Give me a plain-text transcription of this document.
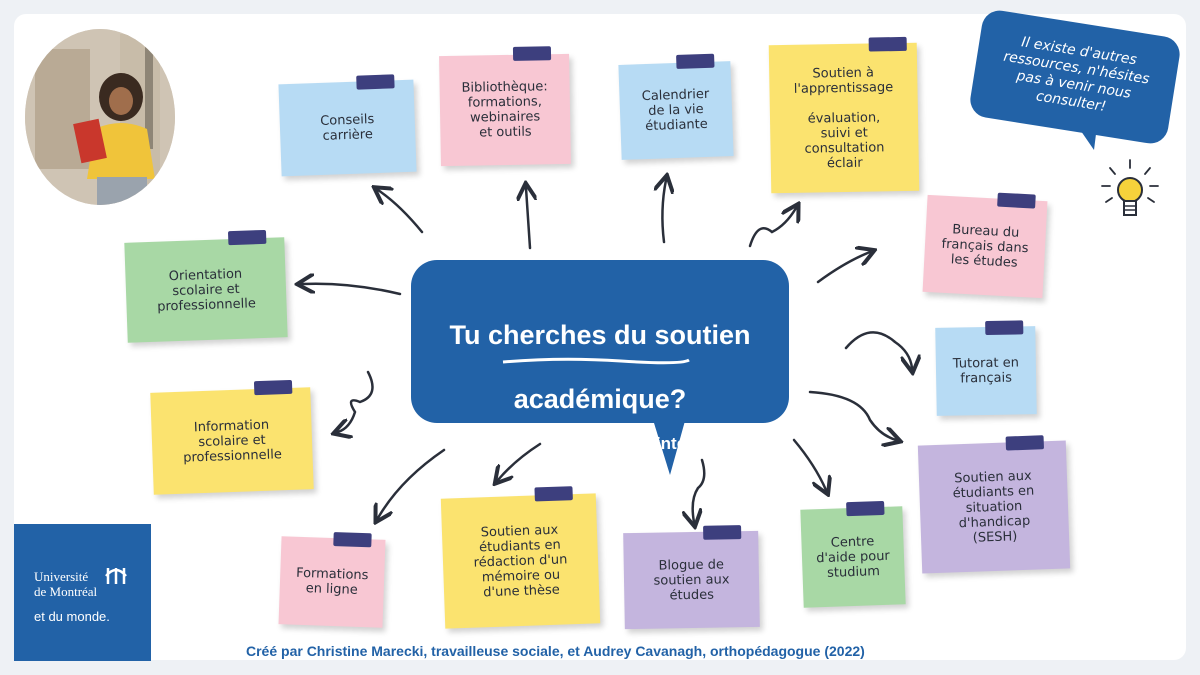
Conseils
carrière
Bibliothèque:
formations,
webinaires
et outils
Calendrier
de la vie
étudiante
Soutien à
l'apprentissage

évaluation,
suivi et
consultation
éclair
Orientation
scolaire et
professionnelle
Bureau du
français dans
les études
Tutorat en
français
Information
scolaire et
professionnelle
Soutien aux
étudiants en
situation
d'handicap
(SESH)
Formations
en ligne
Soutien aux
étudiants en
rédaction d'un
mémoire ou
d'une thèse
Blogue de
soutien aux
études
Centre
d'aide pour
studium

Tu cherches du soutien

académique?

Clique sur l'onglet qui t'intéresse!
Il existe d'autres
ressources, n'hésites
pas à venir nous
consulter!
Université
de Montréal
et du monde.
Créé par Christine Marecki, travailleuse sociale, et Audrey Cavanagh, orthopédagogue (2022)
